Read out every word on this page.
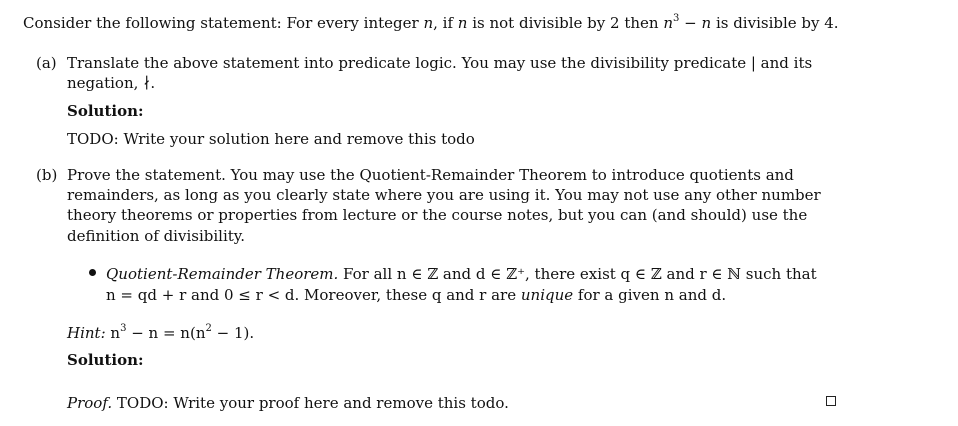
Consider the following statement: For every integer n, if n is not divisible by 2 then $n^3 - n$ is divisible by 4.
(a) Translate the above statement into predicate logic. You may use the divisibility predicate | and its
negation, ∤.
Solution:
TODO: Write your solution here and remove this todo
(b) Prove the statement. You may use the Quotient-Remainder Theorem to introduce quotients and
remainders, as long as you clearly state where you are using it. You may not use any other number
theory theorems or properties from lecture or the course notes, but you can (and should) use the
definition of divisibility.
Quotient-Remainder Theorem. For all n ∈ ℤ and d ∈ ℤ⁺, there exist q ∈ ℤ and r ∈ ℕ such that
n = qd + r and 0 ≤ r < d. Moreover, these q and r are unique for a given n and d.
Hint: $n^3 - n = n(n^2 - 1)$.
Solution:
Proof. TODO: Write your proof here and remove this todo.
